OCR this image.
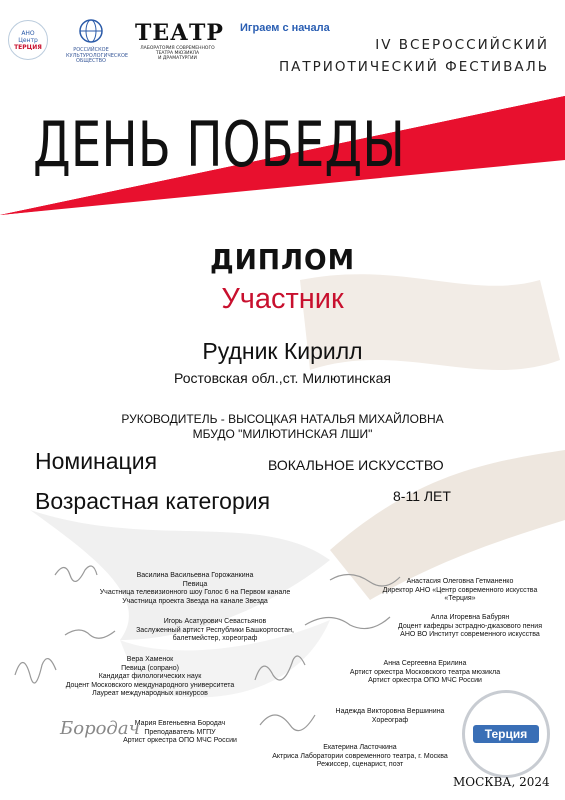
АНО
Центр
ТЕРЦИЯ	РОССИЙСКОЕ
КУЛЬТУРОЛОГИЧЕСКОЕ
ОБЩЕСТВО
ТЕАТР
ЛАБОРАТОРИЯ СОВРЕМЕННОГО
ТЕАТРА МЮЗИКЛА
И ДРАМАТУРГИИ
Играем с начала
IV ВСЕРОССИЙСКИЙ
ПАТРИОТИЧЕСКИЙ ФЕСТИВАЛЬ
ДЕНЬ ПОБЕДЫ
ДИПЛОМ
Участник
Рудник Кирилл
Ростовская обл.,ст. Милютинская
РУКОВОДИТЕЛЬ - ВЫСОЦКАЯ НАТАЛЬЯ МИХАЙЛОВНА
МБУДО "МИЛЮТИНСКАЯ ЛШИ"
Номинация	ВОКАЛЬНОЕ ИСКУССТВО
Возрастная категория	8-11 ЛЕТ
Бородач
Василина Васильевна Горожанкина
Певица
Участница телевизионного шоу Голос 6 на Первом канале
Участница проекта Звезда на канале Звезда
Игорь Асатурович Севастьянов
Заслуженный артист Республики Башкортостан,
балетмейстер, хореограф
Вера Хаменок
Певица (сопрано)
Кандидат филологических наук
Доцент Московского международного университета
Лауреат международных конкурсов
Мария Евгеньевна Бородач
Преподаватель МГПУ
Артист оркестра ОПО МЧС России
Анастасия Олеговна Гетманенко
Директор АНО «Центр современного искусства
«Терция»
Алла Игоревна Бабурян
Доцент кафедры эстрадно-джазового пения
АНО ВО Институт современного искусства
Анна Сергеевна Ерилина
Артист оркестра Московского театра мюзикла
Артист оркестра ОПО МЧС России
Надежда Викторовна Вершинина
Хореограф
Екатерина Ласточкина
Актриса Лаборатории современного театра, г. Москва
Режиссер, сценарист, поэт
Терция
МОСКВА, 2024
